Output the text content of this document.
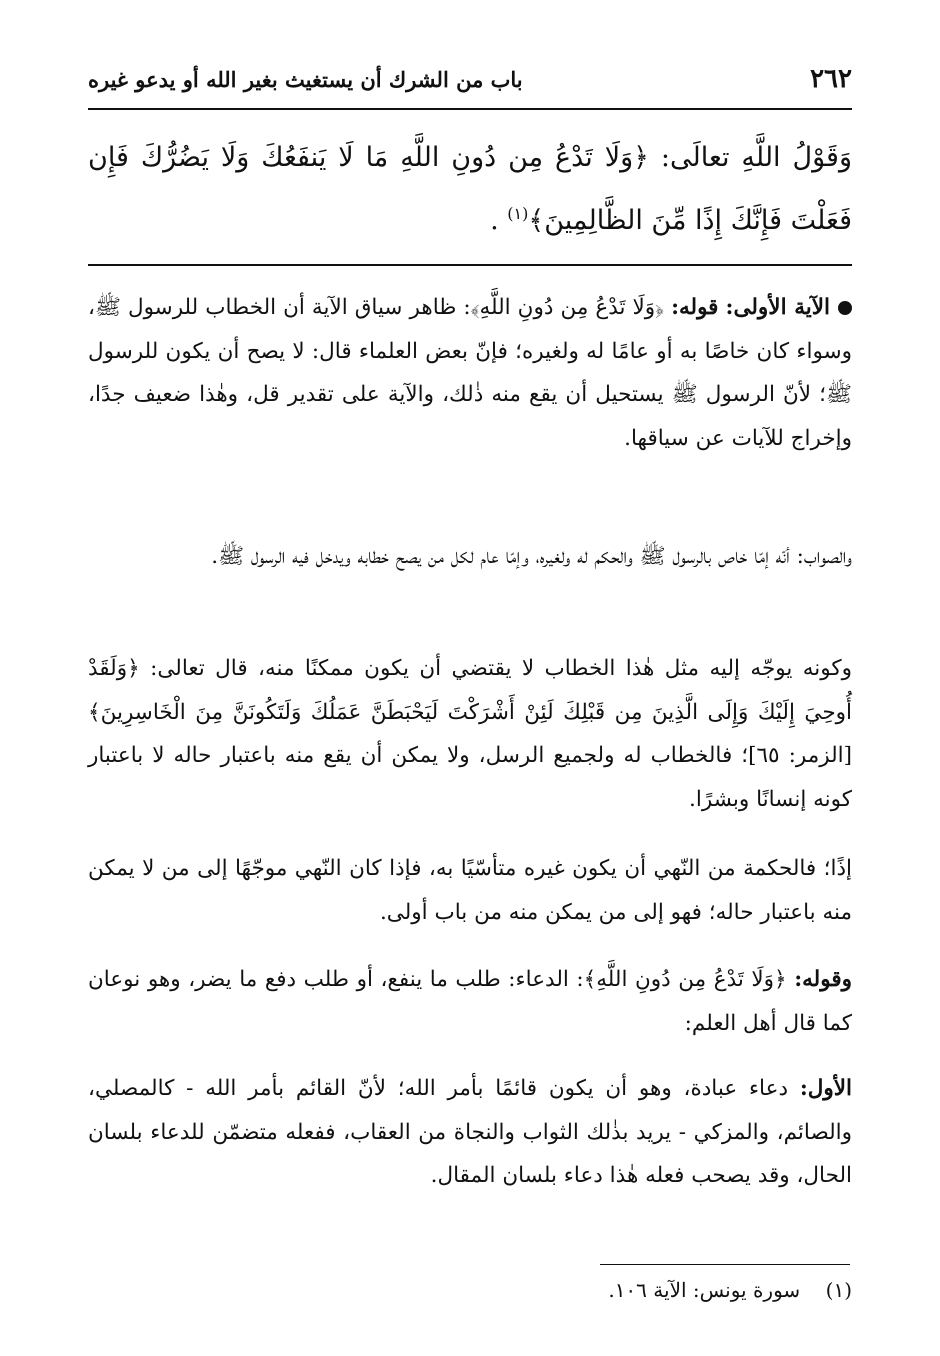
٢٦٢
باب من الشرك أن يستغيث بغير الله أو يدعو غيره
وَقَوْلُ اللَّهِ تعالَى: ﴿وَلَا تَدْعُ مِن دُونِ اللَّهِ مَا لَا يَنفَعُكَ وَلَا يَضُرُّكَ فَإِن فَعَلْتَ فَإِنَّكَ إِذًا مِّنَ الظَّالِمِينَ﴾$^{(١)}$ .
الآية الأولى: قوله: ﴿وَلَا تَدْعُ مِن دُونِ اللَّهِ﴾: ظاهر سياق الآية أن الخطاب للرسول ﷺ، وسواء كان خاصًا به أو عامًا له ولغيره؛ فإنّ بعض العلماء قال: لا يصح أن يكون للرسول ﷺ؛ لأنّ الرسول ﷺ يستحيل أن يقع منه ذٰلك، والآية على تقدير قل، وهٰذا ضعيف جدًا، وإخراج للآيات عن سياقها.
والصواب: أنّه إمّا خاص بالرسول ﷺ والحكم له ولغيره، وإمّا عام لكل من يصح خطابه ويدخل فيه الرسول ﷺ.
وكونه يوجّه إليه مثل هٰذا الخطاب لا يقتضي أن يكون ممكنًا منه، قال تعالى: ﴿وَلَقَدْ أُوحِيَ إِلَيْكَ وَإِلَى الَّذِينَ مِن قَبْلِكَ لَئِنْ أَشْرَكْتَ لَيَحْبَطَنَّ عَمَلُكَ وَلَتَكُونَنَّ مِنَ الْخَاسِرِينَ﴾ [الزمر: ٦٥]؛ فالخطاب له ولجميع الرسل، ولا يمكن أن يقع منه باعتبار حاله لا باعتبار كونه إنسانًا وبشرًا.
إذًا؛ فالحكمة من النّهي أن يكون غيره متأسّيًا به، فإذا كان النّهي موجّهًا إلى من لا يمكن منه باعتبار حاله؛ فهو إلى من يمكن منه من باب أولى.
وقوله: ﴿وَلَا تَدْعُ مِن دُونِ اللَّهِ﴾: الدعاء: طلب ما ينفع، أو طلب دفع ما يضر، وهو نوعان كما قال أهل العلم:
الأول: دعاء عبادة، وهو أن يكون قائمًا بأمر الله؛ لأنّ القائم بأمر الله - كالمصلي، والصائم، والمزكي - يريد بذٰلك الثواب والنجاة من العقاب، ففعله متضمّن للدعاء بلسان الحال، وقد يصحب فعله هٰذا دعاء بلسان المقال.
(١)    سورة يونس: الآية ١٠٦.
